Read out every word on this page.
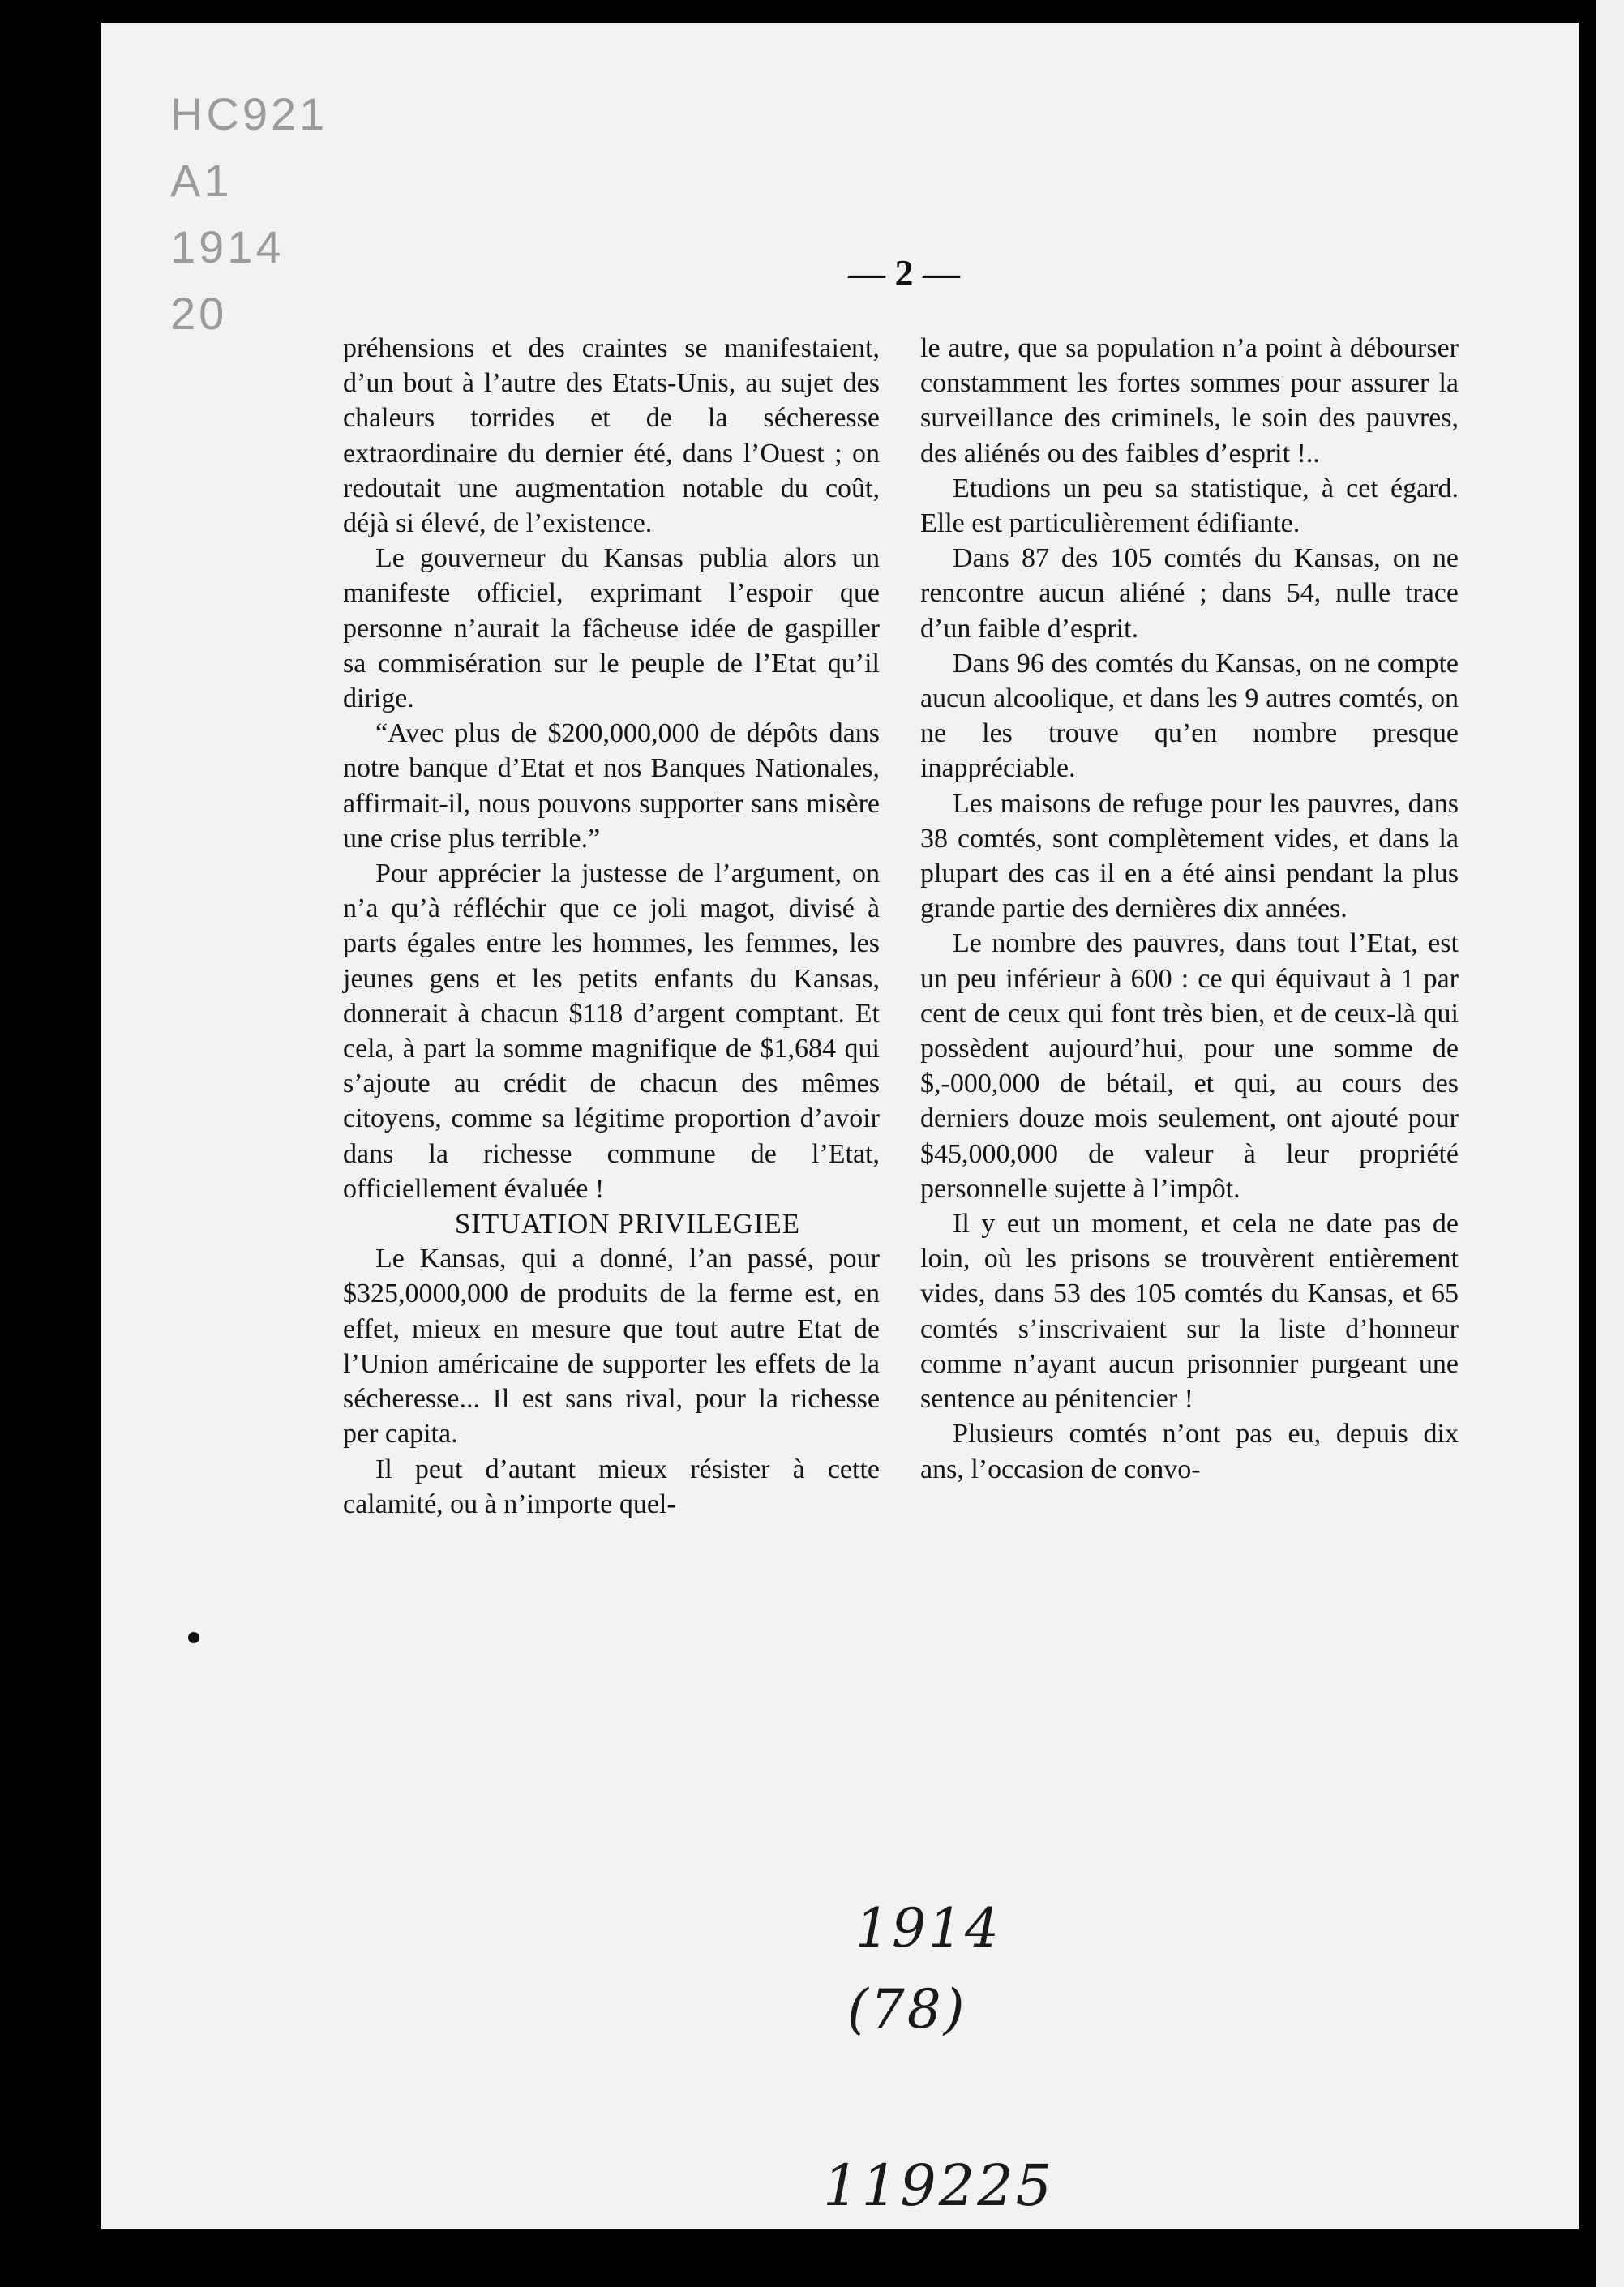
HC921
A1
1914
20

— 2 —

préhensions et des craintes se manifestaient, d’un bout à l’autre des Etats-Unis, au sujet des chaleurs torrides et de la sécheresse extraordinaire du dernier été, dans l’Ouest ; on redoutait une augmentation notable du coût, déjà si élevé, de l’existence.

Le gouverneur du Kansas publia alors un manifeste officiel, exprimant l’espoir que personne n’aurait la fâcheuse idée de gaspiller sa commisération sur le peuple de l’Etat qu’il dirige.

“Avec plus de $200,000,000 de dépôts dans notre banque d’Etat et nos Banques Nationales, affirmait-il, nous pouvons supporter sans misère une crise plus terrible.”

Pour apprécier la justesse de l’argument, on n’a qu’à réfléchir que ce joli magot, divisé à parts égales entre les hommes, les femmes, les jeunes gens et les petits enfants du Kansas, donnerait à chacun $118 d’argent comptant. Et cela, à part la somme magnifique de $1,684 qui s’ajoute au crédit de chacun des mêmes citoyens, comme sa légitime proportion d’avoir dans la richesse commune de l’Etat, officiellement évaluée !

SITUATION PRIVILEGIEE

Le Kansas, qui a donné, l’an passé, pour $325,0000,000 de produits de la ferme est, en effet, mieux en mesure que tout autre Etat de l’Union américaine de supporter les effets de la sécheresse... Il est sans rival, pour la richesse per capita.

Il peut d’autant mieux résister à cette calamité, ou à n’importe quel-

le autre, que sa population n’a point à débourser constamment les fortes sommes pour assurer la surveillance des criminels, le soin des pauvres, des aliénés ou des faibles d’esprit !..

Etudions un peu sa statistique, à cet égard. Elle est particulièrement édifiante.

Dans 87 des 105 comtés du Kansas, on ne rencontre aucun aliéné ; dans 54, nulle trace d’un faible d’esprit.

Dans 96 des comtés du Kansas, on ne compte aucun alcoolique, et dans les 9 autres comtés, on ne les trouve qu’en nombre presque inappréciable.

Les maisons de refuge pour les pauvres, dans 38 comtés, sont complètement vides, et dans la plupart des cas il en a été ainsi pendant la plus grande partie des dernières dix années.

Le nombre des pauvres, dans tout l’Etat, est un peu inférieur à 600 : ce qui équivaut à 1 par cent de ceux qui font très bien, et de ceux-là qui possèdent aujourd’hui, pour une somme de $,-000,000 de bétail, et qui, au cours des derniers douze mois seulement, ont ajouté pour $45,000,000 de valeur à leur propriété personnelle sujette à l’impôt.

Il y eut un moment, et cela ne date pas de loin, où les prisons se trouvèrent entièrement vides, dans 53 des 105 comtés du Kansas, et 65 comtés s’inscrivaient sur la liste d’honneur comme n’ayant aucun prisonnier purgeant une sentence au pénitencier !

Plusieurs comtés n’ont pas eu, depuis dix ans, l’occasion de convo-

1914

(78)

119225
